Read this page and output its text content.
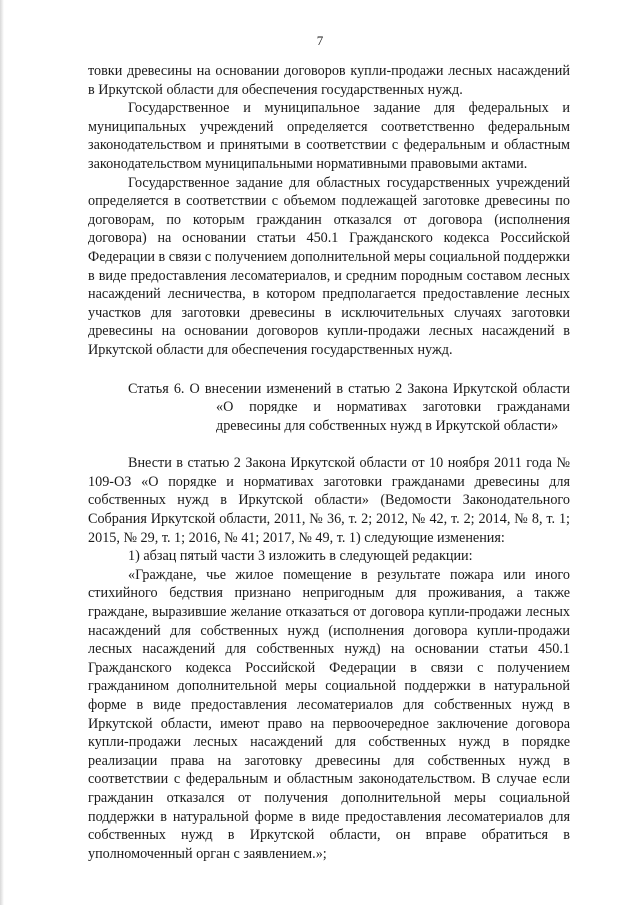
7

товки древесины на основании договоров купли-продажи лесных насаждений в Иркутской области для обеспечения государственных нужд.

Государственное и муниципальное задание для федеральных и муниципальных учреждений определяется соответственно федеральным законодательством и принятыми в соответствии с федеральным и областным законодательством муниципальными нормативными правовыми актами.

Государственное задание для областных государственных учреждений определяется в соответствии с объемом подлежащей заготовке древесины по договорам, по которым гражданин отказался от договора (исполнения договора) на основании статьи 450.1 Гражданского кодекса Российской Федерации в связи с получением дополнительной меры социальной поддержки в виде предоставления лесоматериалов, и средним породным составом лесных насаждений лесничества, в котором предполагается предоставление лесных участков для заготовки древесины в исключительных случаях заготовки древесины на основании договоров купли-продажи лесных насаждений в Иркутской области для обеспечения государственных нужд.

Статья 6. О внесении изменений в статью 2 Закона Иркутской области «О порядке и нормативах заготовки гражданами древесины для собственных нужд в Иркутской области»

Внести в статью 2 Закона Иркутской области от 10 ноября 2011 года № 109-ОЗ «О порядке и нормативах заготовки гражданами древесины для собственных нужд в Иркутской области» (Ведомости Законодательного Собрания Иркутской области, 2011, № 36, т. 2; 2012, № 42, т. 2; 2014, № 8, т. 1; 2015, № 29, т. 1; 2016, № 41; 2017, № 49, т. 1) следующие изменения:

1) абзац пятый части 3 изложить в следующей редакции:

«Граждане, чье жилое помещение в результате пожара или иного стихийного бедствия признано непригодным для проживания, а также граждане, выразившие желание отказаться от договора купли-продажи лесных насаждений для собственных нужд (исполнения договора купли-продажи лесных насаждений для собственных нужд) на основании статьи 450.1 Гражданского кодекса Российской Федерации в связи с получением гражданином дополнительной меры социальной поддержки в натуральной форме в виде предоставления лесоматериалов для собственных нужд в Иркутской области, имеют право на первоочередное заключение договора купли-продажи лесных насаждений для собственных нужд в порядке реализации права на заготовку древесины для собственных нужд в соответствии с федеральным и областным законодательством. В случае если гражданин отказался от получения дополнительной меры социальной поддержки в натуральной форме в виде предоставления лесоматериалов для собственных нужд в Иркутской области, он вправе обратиться в уполномоченный орган с заявлением.»;
